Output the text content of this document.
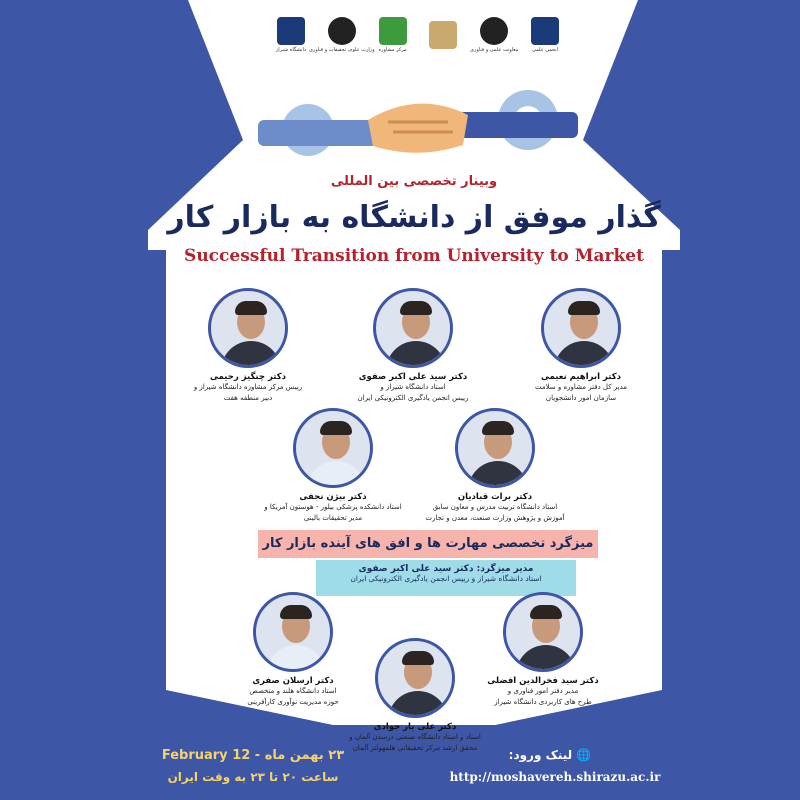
دانشگاه شیراز وزارت علوم، تحقیقات و فناوری مرکز مشاوره	معاونت علمی و فناوری	انجمن علمی
وبینار تخصصی بین المللی
گذار موفق از دانشگاه به بازار کار
Successful Transition from University to Market
دکتر ابراهیم نعیمی
مدیر کل دفتر مشاوره و سلامت
سازمان امور دانشجویان
دکتر سید علی اکبر صفوی
استاد دانشگاه شیراز و
رییس انجمن یادگیری الکترونیکی ایران
دکتر چنگیز رحیمی
رییس مرکز مشاوره دانشگاه شیراز و
دبیر منطقه هفت
دکتر برات قبادیان
استاد دانشگاه تربیت مدرس و معاون سابق
آموزش و پژوهش وزارت صنعت، معدن و تجارت
دکتر بیژن نجفی
استاد دانشکده پزشکی بیلور - هوستون آمریکا و
مدیر تحقیقات بالینی
میزگرد تخصصی مهارت ها و افق های آینده بازار کار
مدیر میزگرد: دکتر سید علی اکبر صفوی
استاد دانشگاه شیراز و رییس انجمن یادگیری الکترونیکی ایران
دکتر سید فخرالدین افضلی
مدیر دفتر امور فناوری و
طرح های کاربردی دانشگاه شیراز
دکتر ارسلان صفری
استاد دانشگاه هلند و متخصص
حوزه مدیریت نوآوری کارآفرینی
دکتر علی یار جوادی
استاد و استاد دانشگاه صنعتی درسدن آلمان و
محقق ارشد مرکز تحقیقاتی هلمهولتز آلمان
۲۳ بهمن ماه - 12 February
ساعت ۲۰ تا ۲۳ به وقت ایران
🌐 لینک ورود:
http://moshavereh.shirazu.ac.ir
